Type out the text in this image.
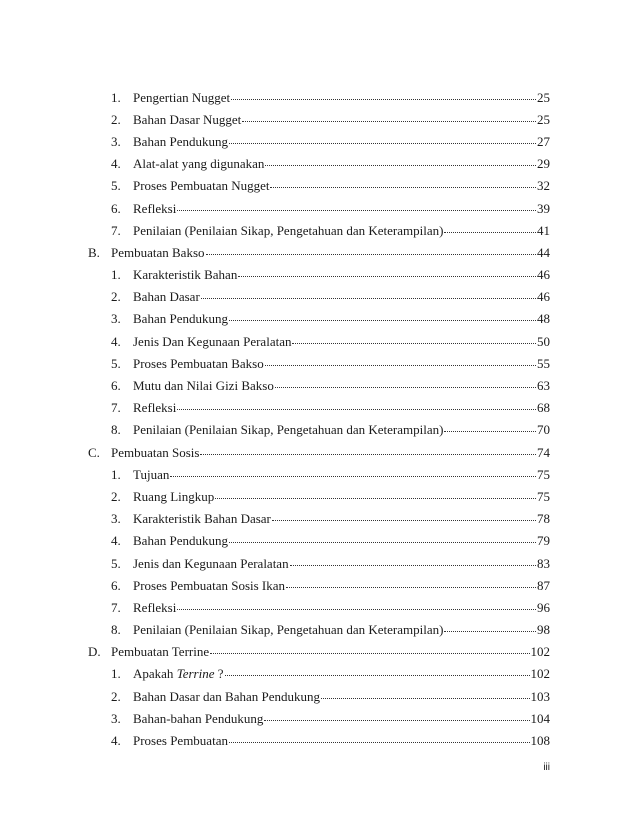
1. Pengertian Nugget	25
2. Bahan Dasar Nugget	25
3. Bahan Pendukung	27
4. Alat-alat yang digunakan	29
5. Proses Pembuatan Nugget	32
6. Refleksi	39
7. Penilaian (Penilaian Sikap, Pengetahuan dan Keterampilan)	41
B. Pembuatan Bakso	44
1. Karakteristik Bahan	46
2. Bahan Dasar	46
3. Bahan Pendukung	48
4. Jenis Dan Kegunaan Peralatan	50
5. Proses Pembuatan Bakso	55
6. Mutu dan Nilai Gizi Bakso	63
7. Refleksi	68
8. Penilaian (Penilaian Sikap, Pengetahuan dan Keterampilan)	70
C. Pembuatan Sosis	74
1. Tujuan	75
2. Ruang Lingkup	75
3. Karakteristik Bahan Dasar	78
4. Bahan Pendukung	79
5. Jenis dan Kegunaan Peralatan	83
6. Proses Pembuatan Sosis Ikan	87
7. Refleksi	96
8. Penilaian (Penilaian Sikap, Pengetahuan dan Keterampilan)	98
D. Pembuatan Terrine	102
1. Apakah Terrine ?	102
2. Bahan Dasar dan Bahan Pendukung	103
3. Bahan-bahan Pendukung	104
4. Proses Pembuatan	108
iii
